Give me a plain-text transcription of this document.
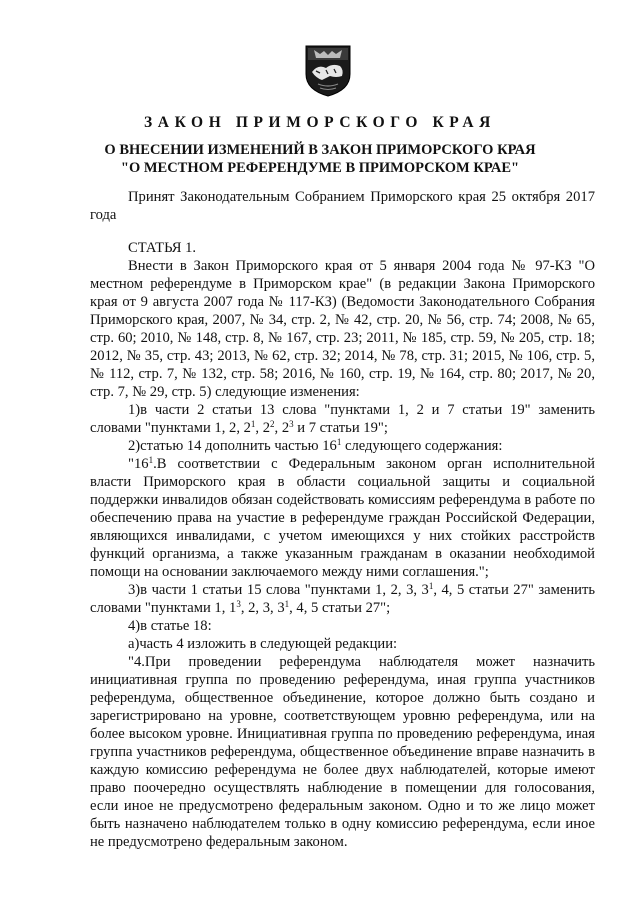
ЗАКОН ПРИМОРСКОГО КРАЯ
О ВНЕСЕНИИ ИЗМЕНЕНИЙ В ЗАКОН ПРИМОРСКОГО КРАЯ
"О МЕСТНОМ РЕФЕРЕНДУМЕ В ПРИМОРСКОМ КРАЕ"

Принят Законодательным Собранием Приморского края 25 октября 2017 года

СТАТЬЯ 1.

Внести в Закон Приморского края от 5 января 2004 года № 97-КЗ "О местном референдуме в Приморском крае" (в редакции Закона Приморского края от 9 августа 2007 года № 117-КЗ) (Ведомости Законодательного Собрания Приморского края, 2007, № 34, стр. 2, № 42, стр. 20, № 56, стр. 74; 2008, № 65, стр. 60; 2010, № 148, стр. 8, № 167, стр. 23; 2011, № 185, стр. 59, № 205, стр. 18; 2012, № 35, стр. 43; 2013, № 62, стр. 32; 2014, № 78, стр. 31; 2015, № 106, стр. 5, № 112, стр. 7, № 132, стр. 58; 2016, № 160, стр. 19, № 164, стр. 80; 2017, № 20, стр. 7, № 29, стр. 5) следующие изменения:

1)в части 2 статьи 13 слова "пунктами 1, 2 и 7 статьи 19" заменить словами "пунктами 1, 2, $2^1$, $2^2$, $2^3$ и 7 статьи 19";

2)статью 14 дополнить частью $16^1$ следующего содержания:

"$16^1.В$ соответствии с Федеральным законом орган исполнительной власти Приморского края в области социальной защиты и социальной поддержки инвалидов обязан содействовать комиссиям референдума в работе по обеспечению права на участие в референдуме граждан Российской Федерации, являющихся инвалидами, с учетом имеющихся у них стойких расстройств функций организма, а также указанным гражданам в оказании необходимой помощи на основании заключаемого между ними соглашения.";

3)в части 1 статьи 15 слова "пунктами 1, 2, 3, $3^1$, 4, 5 статьи 27" заменить словами "пунктами 1, $1^3$, 2, 3, $3^1$, 4, 5 статьи 27";

4)в статье 18:

а)часть 4 изложить в следующей редакции:

"4.При проведении референдума наблюдателя может назначить инициативная группа по проведению референдума, иная группа участников референдума, общественное объединение, которое должно быть создано и зарегистрировано на уровне, соответствующем уровню референдума, или на более высоком уровне. Инициативная группа по проведению референдума, иная группа участников референдума, общественное объединение вправе назначить в каждую комиссию референдума не более двух наблюдателей, которые имеют право поочередно осуществлять наблюдение в помещении для голосования, если иное не предусмотрено федеральным законом. Одно и то же лицо может быть назначено наблюдателем только в одну комиссию референдума, если иное не предусмотрено федеральным законом.
